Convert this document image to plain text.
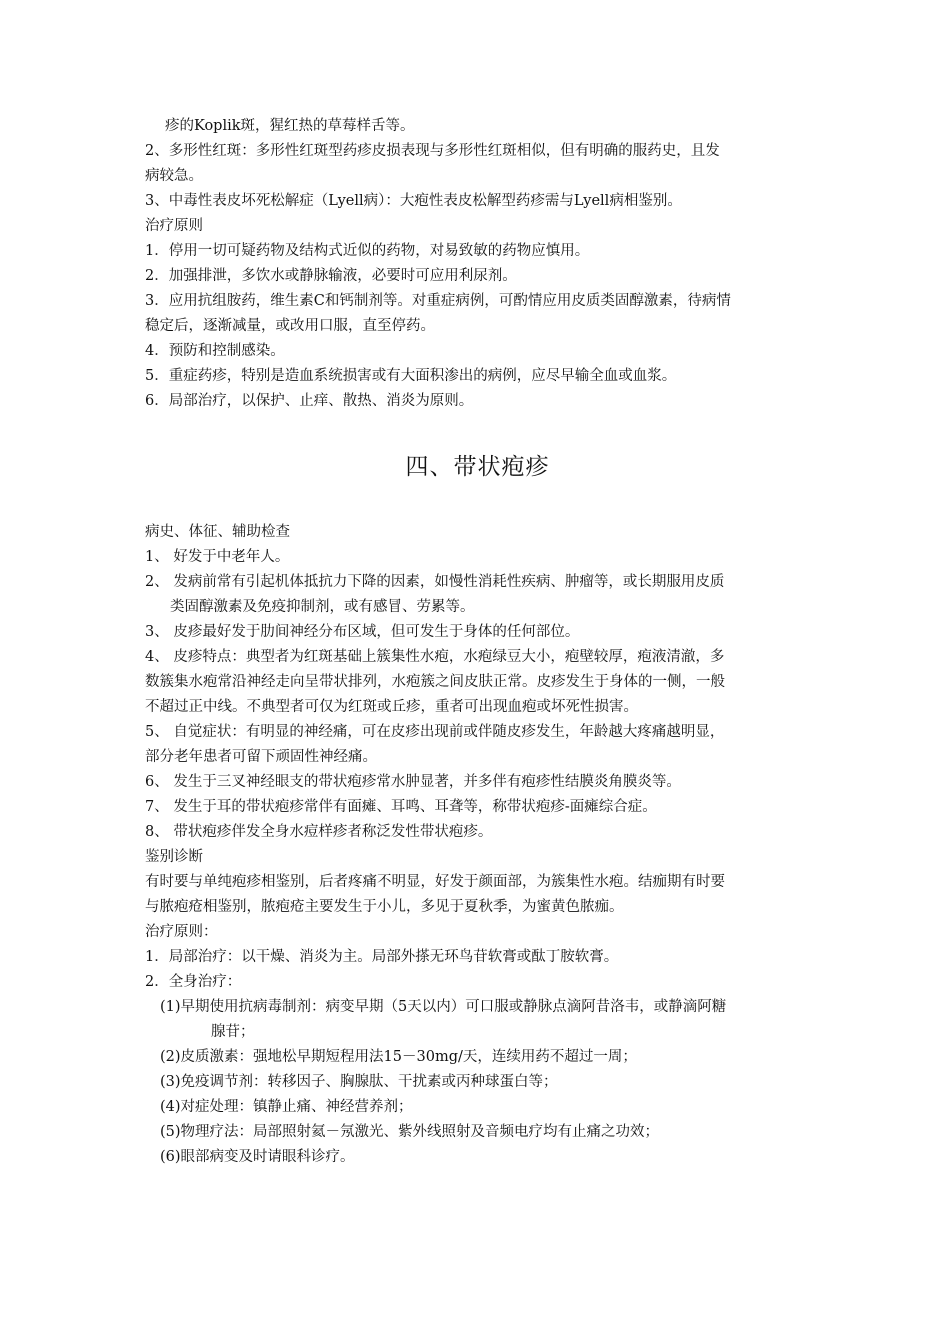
疹的Koplik斑，猩红热的草莓样舌等。
2、多形性红斑：多形性红斑型药疹皮损表现与多形性红斑相似，但有明确的服药史，且发
病较急。
3、中毒性表皮坏死松解症（Lyell病）：大疱性表皮松解型药疹需与Lyell病相鉴别。
治疗原则
1．停用一切可疑药物及结构式近似的药物，对易致敏的药物应慎用。
2．加强排泄，多饮水或静脉输液，必要时可应用利尿剂。
3．应用抗组胺药，维生素C和钙制剂等。对重症病例，可酌情应用皮质类固醇激素，待病情
稳定后，逐渐减量，或改用口服，直至停药。
4．预防和控制感染。
5．重症药疹，特别是造血系统损害或有大面积渗出的病例，应尽早输全血或血浆。
6．局部治疗，以保护、止痒、散热、消炎为原则。
四、带状疱疹
病史、体征、辅助检查
1、 好发于中老年人。
2、 发病前常有引起机体抵抗力下降的因素，如慢性消耗性疾病、肿瘤等，或长期服用皮质
类固醇激素及免疫抑制剂，或有感冒、劳累等。
3、 皮疹最好发于肋间神经分布区域，但可发生于身体的任何部位。
4、 皮疹特点：典型者为红斑基础上簇集性水疱，水疱绿豆大小，疱壁较厚，疱液清澈，多
数簇集水疱常沿神经走向呈带状排列，水疱簇之间皮肤正常。皮疹发生于身体的一侧，一般
不超过正中线。不典型者可仅为红斑或丘疹，重者可出现血疱或坏死性损害。
5、 自觉症状：有明显的神经痛，可在皮疹出现前或伴随皮疹发生，年龄越大疼痛越明显，
部分老年患者可留下顽固性神经痛。
6、 发生于三叉神经眼支的带状疱疹常水肿显著，并多伴有疱疹性结膜炎角膜炎等。
7、 发生于耳的带状疱疹常伴有面瘫、耳鸣、耳聋等，称带状疱疹-面瘫综合症。
8、 带状疱疹伴发全身水痘样疹者称泛发性带状疱疹。
鉴别诊断
有时要与单纯疱疹相鉴别，后者疼痛不明显，好发于颜面部，为簇集性水疱。结痂期有时要
与脓疱疮相鉴别，脓疱疮主要发生于小儿，多见于夏秋季，为蜜黄色脓痂。
治疗原则：
1．局部治疗：以干燥、消炎为主。局部外搽无环鸟苷软膏或酞丁胺软膏。
2．全身治疗：
(1)早期使用抗病毒制剂：病变早期（5天以内）可口服或静脉点滴阿昔洛韦，或静滴阿糖
腺苷；
(2)皮质激素：强地松早期短程用法15－30mg/天，连续用药不超过一周；
(3)免疫调节剂：转移因子、胸腺肽、干扰素或丙种球蛋白等；
(4)对症处理：镇静止痛、神经营养剂；
(5)物理疗法：局部照射氦－氖激光、紫外线照射及音频电疗均有止痛之功效；
(6)眼部病变及时请眼科诊疗。
